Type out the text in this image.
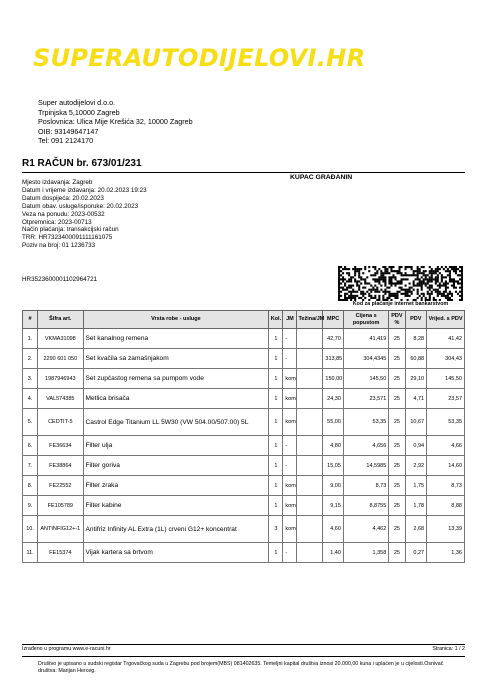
SUPERAUTODIJELOVI.HR
Super autodijelovi d.o.o.
Trpinjska 5,10000 Zagreb
Poslovnica: Ulica Mije Krešića 32, 10000 Zagreb
OIB: 93149647147
Tel: 091 2124170
R1 RAČUN br. 673/01/231
KUPAC GRAĐANIN
Mjesto izdavanja: Zagreb
Datum i vrijeme izdavanja: 20.02.2023 19:23
Datum dospijeća: 20.02.2023
Datum obav. usluge/isporuke: 20.02.2023
Veza na ponudu: 2023-00532
Otpremnica: 2023-00713
Način plaćanja: transakcijski račun
TRR: HR7323400091111161075
Poziv na broj: 01 1236733
HR3523600001102964721
Kod za plaćanje internet bankarstvom
#	Šifra art.	Vrsta robe - usluge	Kol.	JM	Težina/JM	MPC	Cijena s popustom	PDV %	PDV	Vrijed. s PDV
1.	VKMA31098	Set kanalnog remena	1	-		42,70	41,419	25	8,28	41,42
2.	2290 601 050	Set kvačila sa zamašnjakom	1	-		313,85	304,4345	25	60,88	304,43
3.	1987946943	Set zupčastog remena sa pumpom vode	1	kom		150,00	145,50	25	29,10	145,50
4.	VAL574385	Metlica brisača	1	kom		24,30	23,571	25	4,71	23,57
5.	CEDTIT-5	Castrol Edge Titanium LL 5W30 (VW 504.00/507.00) 5L	1	kom		55,00	53,35	25	10,67	53,35
6.	FE36634	Filter ulja	1	-		4,80	4,656	25	0,94	4,66
7.	FE38864	Filter goriva	1	-		15,05	14,5985	25	2,92	14,60
8.	FE22552	Filter zraka	1	kom		9,00	8,73	25	1,75	8,73
9.	FE105789	Filter kabine	1	kom		9,15	8,8755	25	1,78	8,88
10.	ANTINFIG12+-1	Antifriz Infinity AL Extra (1L) crveni G12+ koncentrat	3	kom		4,60	4,462	25	2,68	13,39
11.	FE15374	Vijak kartera sa brtvom	1	-		1,40	1,358	25	0,27	1,36
Izrađeno u programu www.e-racuni.hr	Stranica: 1 / 2
Društvo je upisano u sudski registar Trgovačkog suda u Zagrebu pod brojem(MBS) 081402635. Temeljni kapital društva iznosi 20.000,00 kuna i uplaćen je u cijelosti.Osnivač društva: Marijan Herceg.
